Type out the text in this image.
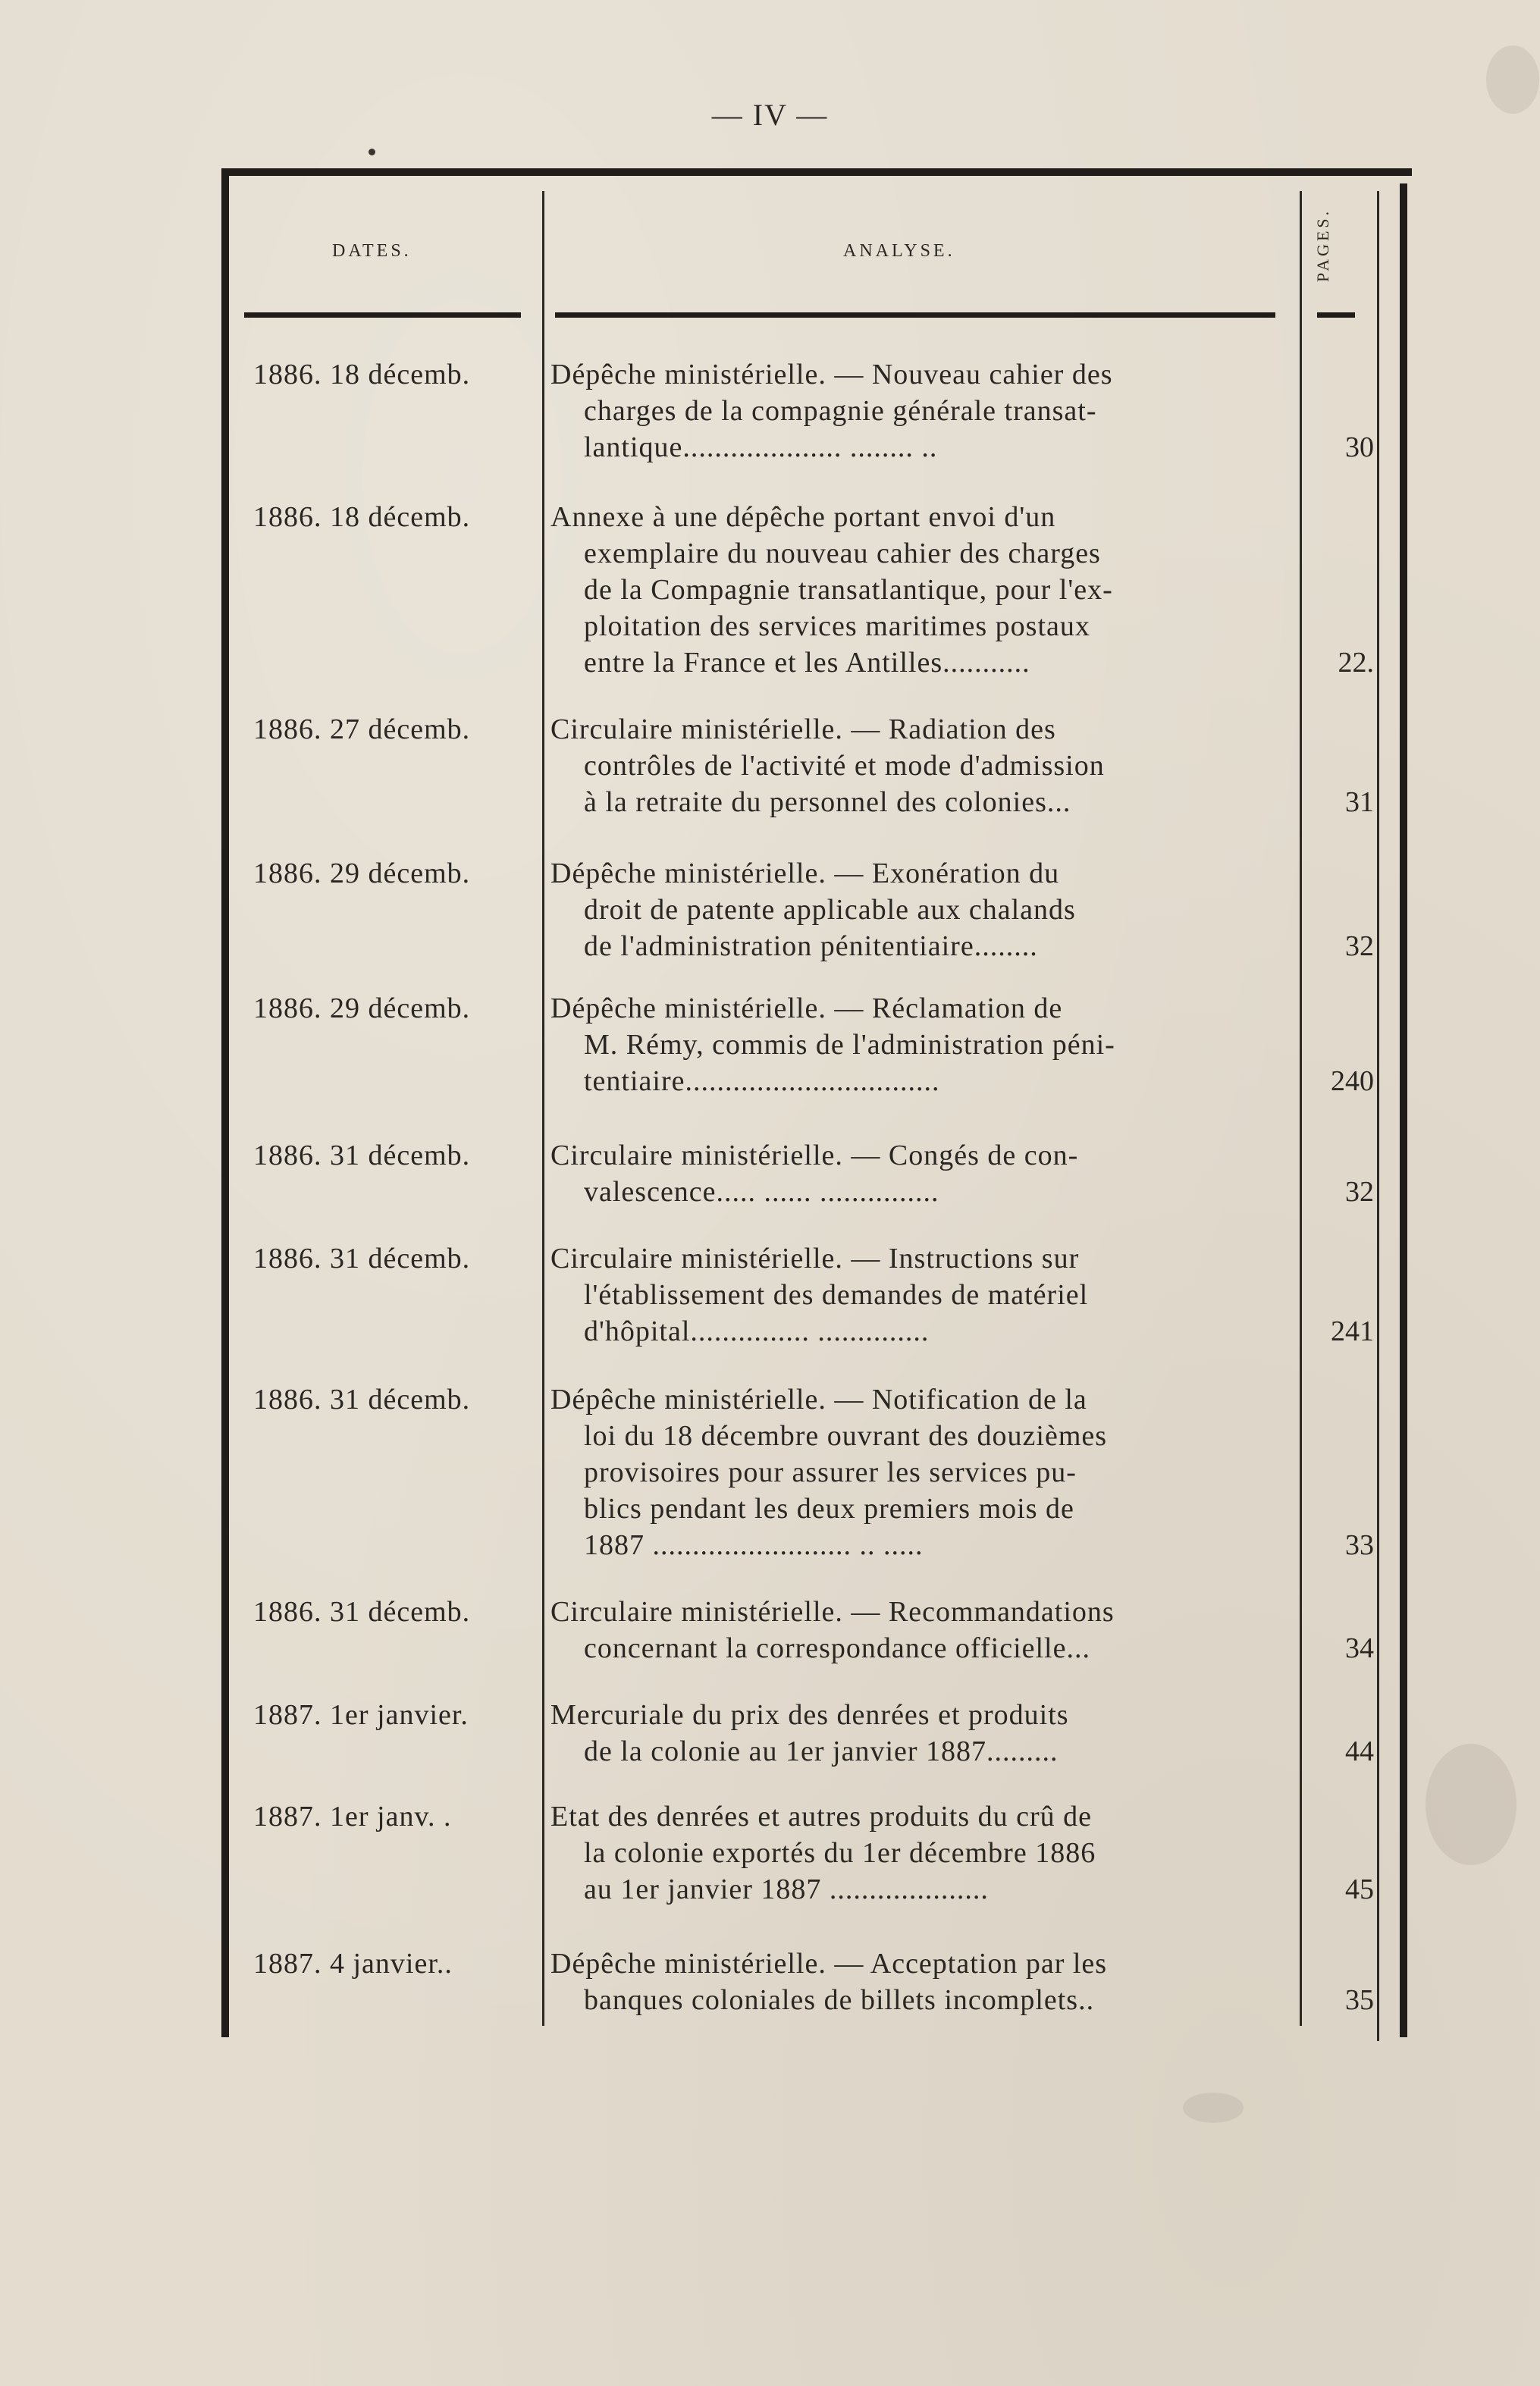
— IV —
DATES.	ANALYSE.	PAGES.
1886. 18 décemb.	Dépêche ministérielle. — Nouveau cahier des
charges de la compagnie générale transat-
lantique.................... ........ ..	30
1886. 18 décemb.	Annexe à une dépêche portant envoi d'un
exemplaire du nouveau cahier des charges
de la Compagnie transatlantique, pour l'ex-
ploitation des services maritimes postaux
entre la France et les Antilles...........	22.
1886. 27 décemb.	Circulaire ministérielle. — Radiation des
contrôles de l'activité et mode d'admission
à la retraite du personnel des colonies...	31
1886. 29 décemb.	Dépêche ministérielle. — Exonération du
droit de patente applicable aux chalands
de l'administration pénitentiaire........	32
1886. 29 décemb.	Dépêche ministérielle. — Réclamation de
M. Rémy, commis de l'administration péni-
tentiaire................................	240
1886. 31 décemb.	Circulaire ministérielle. — Congés de con-
valescence..... ...... ...............	32
1886. 31 décemb.	Circulaire ministérielle. — Instructions sur
l'établissement des demandes de matériel
d'hôpital............... ..............	241
1886. 31 décemb.	Dépêche ministérielle. — Notification de la
loi du 18 décembre ouvrant des douzièmes
provisoires pour assurer les services pu-
blics pendant les deux premiers mois de
1887 ......................... .. .....	33
1886. 31 décemb.	Circulaire ministérielle. — Recommandations
concernant la correspondance officielle...	34
1887. 1er janvier.	Mercuriale du prix des denrées et produits
de la colonie au 1er janvier 1887.........	44
1887. 1er janv. .	Etat des denrées et autres produits du crû de
la colonie exportés du 1er décembre 1886
au 1er janvier 1887 ....................	45
1887. 4 janvier..	Dépêche ministérielle. — Acceptation par les
banques coloniales de billets incomplets..	35
